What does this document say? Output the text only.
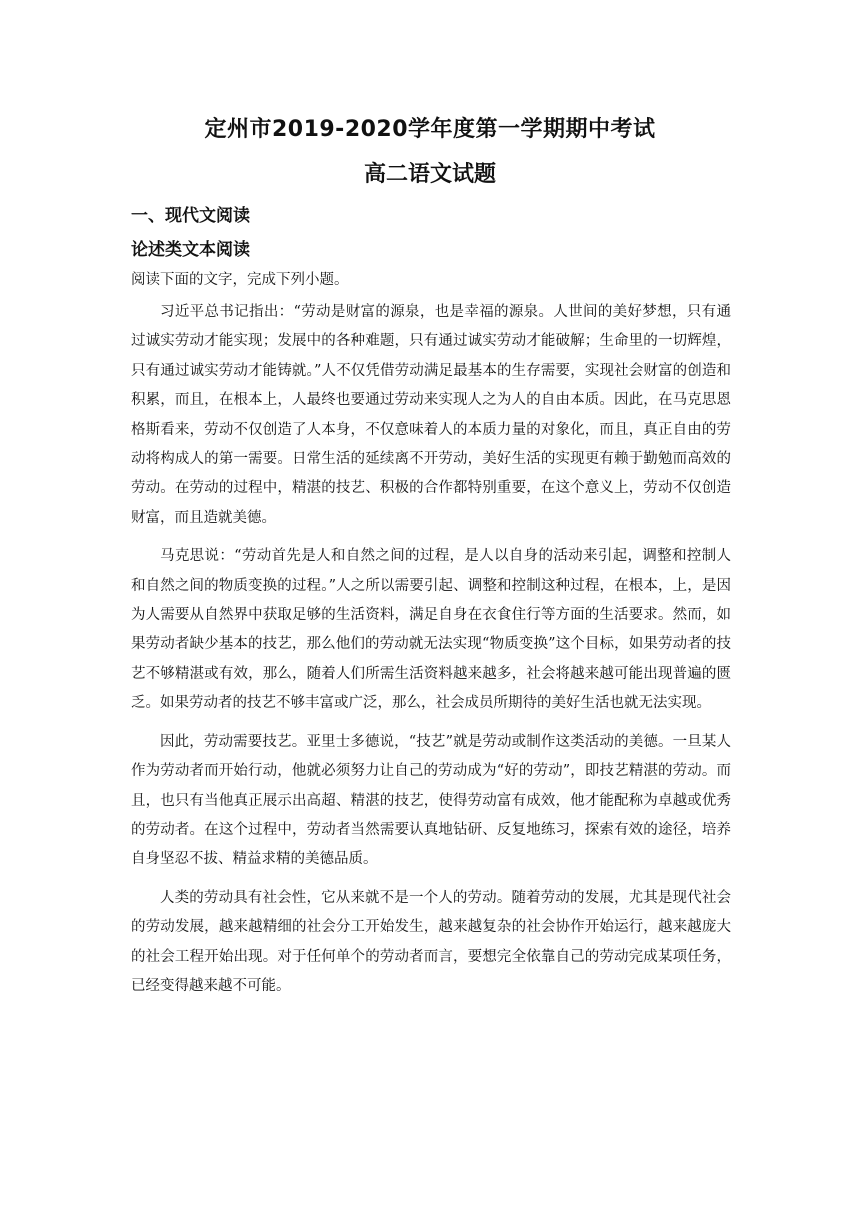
定州市2019-2020学年度第一学期期中考试
高二语文试题
一、现代文阅读
论述类文本阅读

阅读下面的文字，完成下列小题。

习近平总书记指出：“劳动是财富的源泉，也是幸福的源泉。人世间的美好梦想，只有通过诚实劳动才能实现；发展中的各种难题，只有通过诚实劳动才能破解；生命里的一切辉煌，只有通过诚实劳动才能铸就。”人不仅凭借劳动满足最基本的生存需要，实现社会财富的创造和积累，而且，在根本上，人最终也要通过劳动来实现人之为人的自由本质。因此，在马克思恩格斯看来，劳动不仅创造了人本身，不仅意味着人的本质力量的对象化，而且，真正自由的劳动将构成人的第一需要。日常生活的延续离不开劳动，美好生活的实现更有赖于勤勉而高效的劳动。在劳动的过程中，精湛的技艺、积极的合作都特别重要，在这个意义上，劳动不仅创造财富，而且造就美德。

马克思说：“劳动首先是人和自然之间的过程，是人以自身的活动来引起，调整和控制人和自然之间的物质变换的过程。”人之所以需要引起、调整和控制这种过程，在根本，上，是因为人需要从自然界中获取足够的生活资料，满足自身在衣食住行等方面的生活要求。然而，如果劳动者缺少基本的技艺，那么他们的劳动就无法实现“物质变换”这个目标，如果劳动者的技艺不够精湛或有效，那么，随着人们所需生活资料越来越多，社会将越来越可能出现普遍的匮乏。如果劳动者的技艺不够丰富或广泛，那么，社会成员所期待的美好生活也就无法实现。

因此，劳动需要技艺。亚里士多德说，“技艺”就是劳动或制作这类活动的美德。一旦某人作为劳动者而开始行动，他就必须努力让自己的劳动成为“好的劳动”，即技艺精湛的劳动。而且，也只有当他真正展示出高超、精湛的技艺，使得劳动富有成效，他才能配称为卓越或优秀的劳动者。在这个过程中，劳动者当然需要认真地钻研、反复地练习，探索有效的途径，培养自身坚忍不拔、精益求精的美德品质。

人类的劳动具有社会性，它从来就不是一个人的劳动。随着劳动的发展，尤其是现代社会的劳动发展，越来越精细的社会分工开始发生，越来越复杂的社会协作开始运行，越来越庞大的社会工程开始出现。对于任何单个的劳动者而言，要想完全依靠自己的劳动完成某项任务，已经变得越来越不可能。
